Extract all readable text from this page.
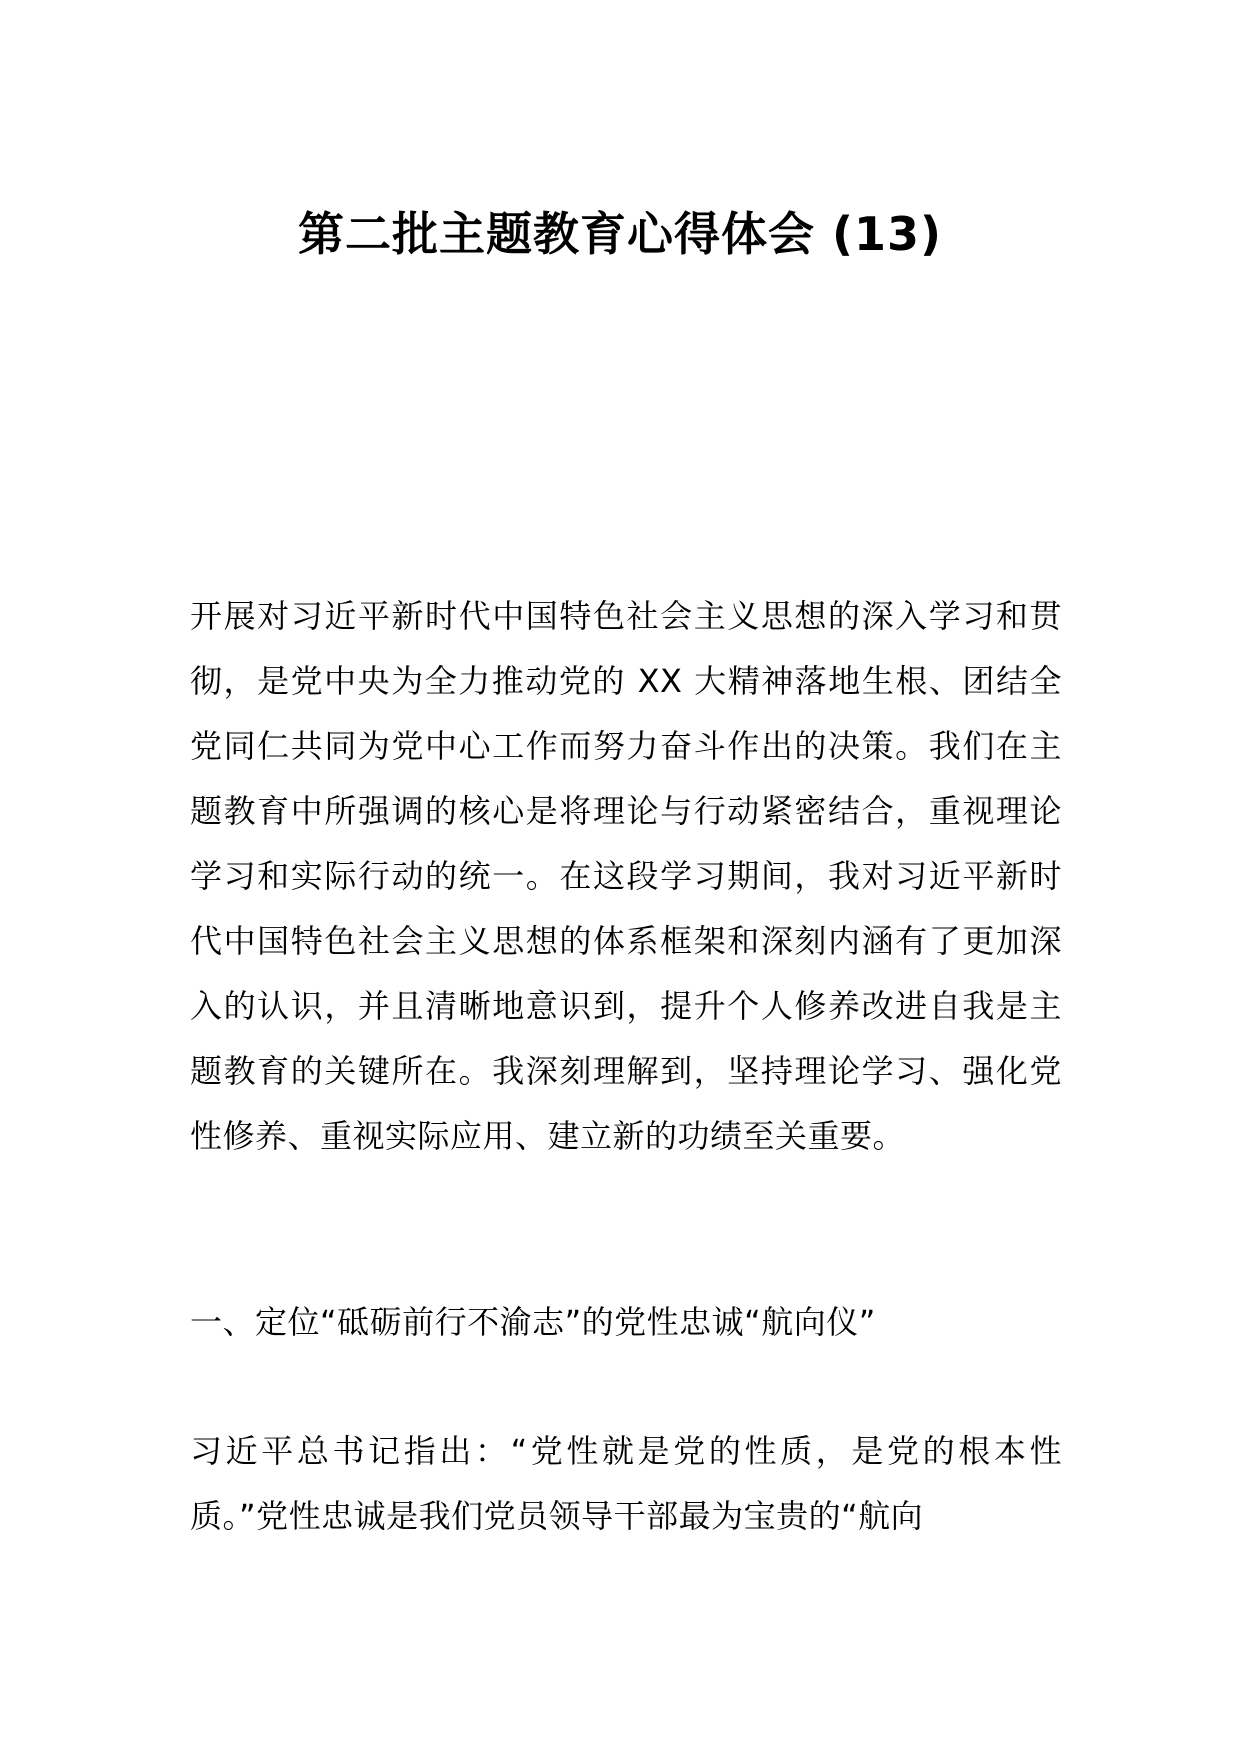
第二批主题教育心得体会 (13)

开展对习近平新时代中国特色社会主义思想的深入学习和贯彻，是党中央为全力推动党的 XX 大精神落地生根、团结全党同仁共同为党中心工作而努力奋斗作出的决策。我们在主题教育中所强调的核心是将理论与行动紧密结合，重视理论学习和实际行动的统一。在这段学习期间，我对习近平新时代中国特色社会主义思想的体系框架和深刻内涵有了更加深入的认识，并且清晰地意识到，提升个人修养改进自我是主题教育的关键所在。我深刻理解到，坚持理论学习、强化党性修养、重视实际应用、建立新的功绩至关重要。

一、定位“砥砺前行不渝志”的党性忠诚“航向仪”

习近平总书记指出：“党性就是党的性质，是党的根本性质。”党性忠诚是我们党员领导干部最为宝贵的“航向
